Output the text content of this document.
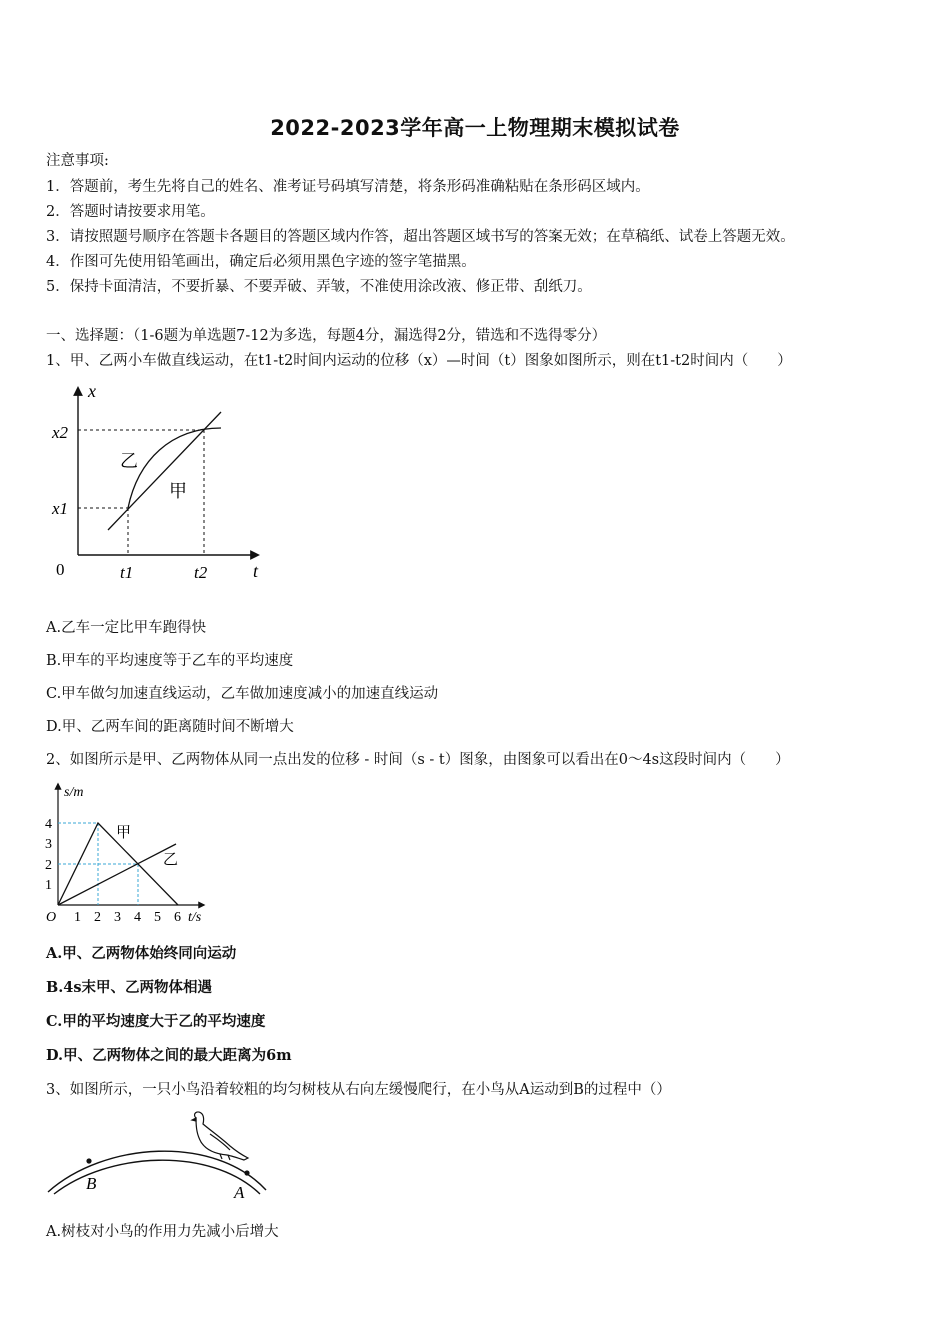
2022-2023学年高一上物理期末模拟试卷
注意事项:
1．答题前，考生先将自己的姓名、准考证号码填写清楚，将条形码准确粘贴在条形码区域内。
2．答题时请按要求用笔。
3．请按照题号顺序在答题卡各题目的答题区域内作答，超出答题区域书写的答案无效；在草稿纸、试卷上答题无效。
4．作图可先使用铅笔画出，确定后必须用黑色字迹的签字笔描黑。
5．保持卡面清洁，不要折暴、不要弄破、弄皱，不准使用涂改液、修正带、刮纸刀。
一、选择题：（1-6题为单选题7-12为多选，每题4分，漏选得2分，错选和不选得零分）
1、甲、乙两小车做直线运动，在t1-t2时间内运动的位移（x）—时间（t）图象如图所示，则在t1-t2时间内（　　）
x
t
0
x2
x1
t1	t2
乙
甲
A.乙车一定比甲车跑得快
B.甲车的平均速度等于乙车的平均速度
C.甲车做匀加速直线运动，乙车做加速度减小的加速直线运动
D.甲、乙两车间的距离随时间不断增大
2、如图所示是甲、乙两物体从同一点出发的位移 - 时间（s - t）图象，由图象可以看出在0～4s这段时间内（　　）
4
3
2
1
1 2 3 4 5 6
O
s/m
t/s
甲
乙
A.甲、乙两物体始终同向运动
B.4s末甲、乙两物体相遇
C.甲的平均速度大于乙的平均速度
D.甲、乙两物体之间的最大距离为6m
3、如图所示，一只小鸟沿着较粗的均匀树枝从右向左缓慢爬行，在小鸟从A运动到B的过程中（）
B	A
A.树枝对小鸟的作用力先减小后增大
